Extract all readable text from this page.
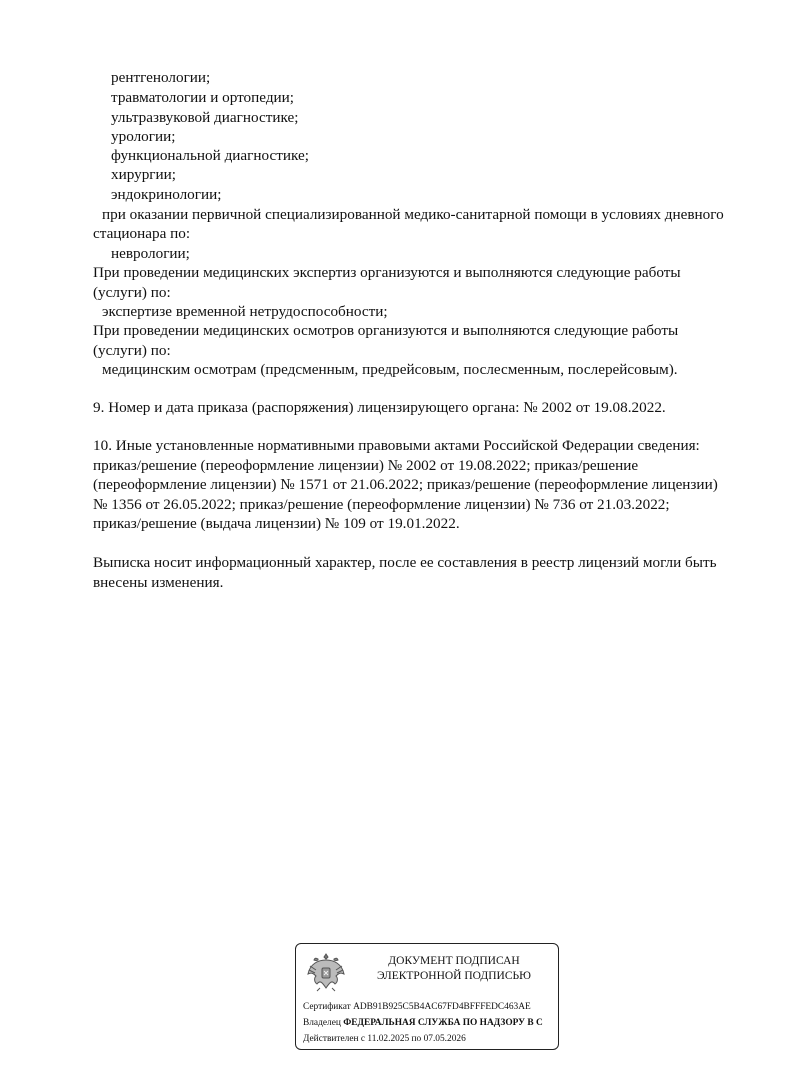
рентгенологии;
травматологии и ортопедии;
ультразвуковой диагностике;
урологии;
функциональной диагностике;
хирургии;
эндокринологии;
при оказании первичной специализированной медико-санитарной помощи в условиях дневного
стационара по:
неврологии;
При проведении медицинских экспертиз организуются и выполняются следующие работы
(услуги) по:
экспертизе временной нетрудоспособности;
При проведении медицинских осмотров организуются и выполняются следующие работы
(услуги) по:
медицинским осмотрам (предсменным, предрейсовым, послесменным, послерейсовым).
9. Номер и дата приказа (распоряжения) лицензирующего органа: № 2002 от 19.08.2022.
10. Иные установленные нормативными правовыми актами Российской Федерации сведения:
приказ/решение (переоформление лицензии) № 2002 от 19.08.2022; приказ/решение
(переоформление лицензии) № 1571 от 21.06.2022; приказ/решение (переоформление лицензии)
№ 1356 от 26.05.2022; приказ/решение (переоформление лицензии) № 736 от 21.03.2022;
приказ/решение (выдача лицензии) № 109 от 19.01.2022.
Выписка носит информационный характер, после ее составления в реестр лицензий могли быть
внесены изменения.
ДОКУМЕНТ ПОДПИСАН
ЭЛЕКТРОННОЙ ПОДПИСЬЮ
Сертификат ADB91B925C5B4AC67FD4BFFFEDC463AE
Владелец ФЕДЕРАЛЬНАЯ СЛУЖБА ПО НАДЗОРУ В С
Действителен с 11.02.2025 по 07.05.2026
